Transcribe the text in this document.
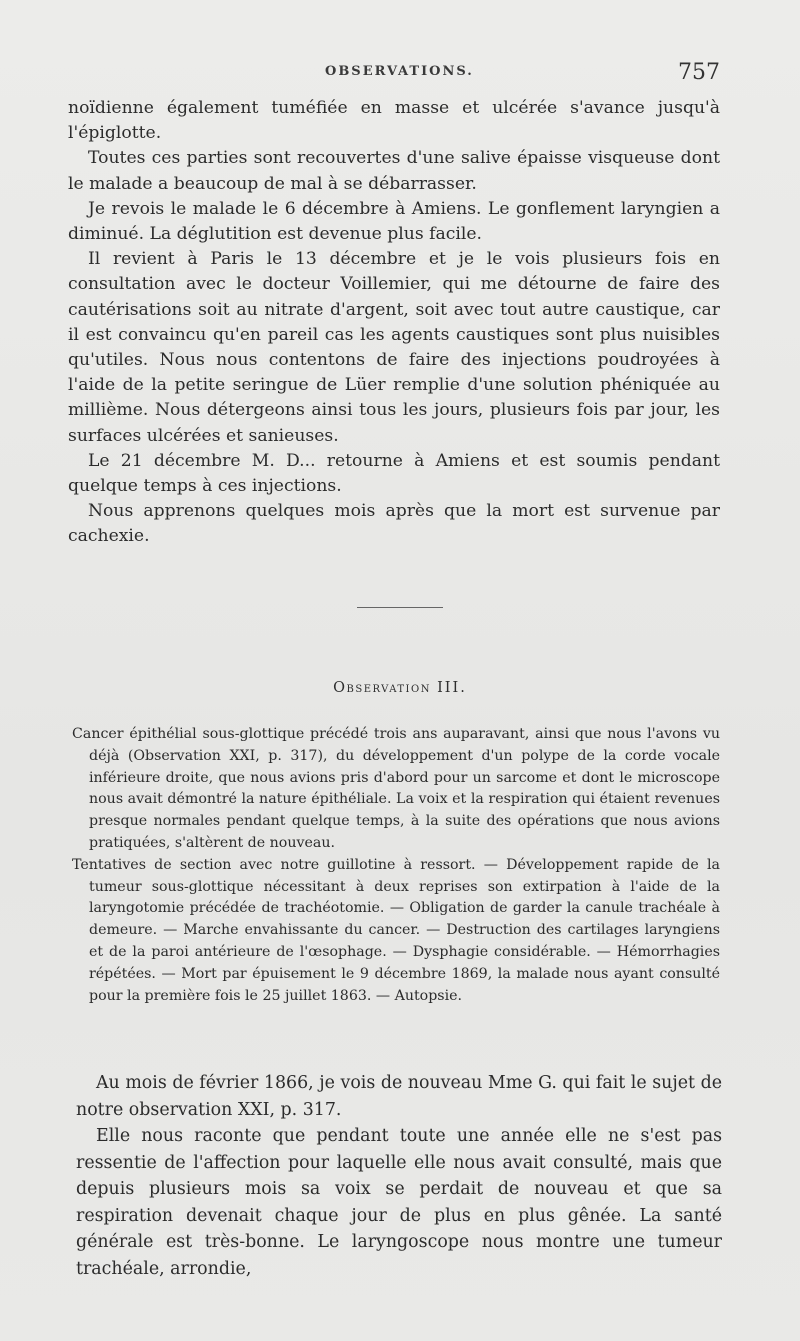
OBSERVATIONS.	757

noïdienne également tuméfiée en masse et ulcérée s'avance jusqu'à l'épiglotte.

Toutes ces parties sont recouvertes d'une salive épaisse visqueuse dont le malade a beaucoup de mal à se débarrasser.

Je revois le malade le 6 décembre à Amiens. Le gonflement laryngien a diminué. La déglutition est devenue plus facile.

Il revient à Paris le 13 décembre et je le vois plusieurs fois en consultation avec le docteur Voillemier, qui me détourne de faire des cautérisations soit au nitrate d'argent, soit avec tout autre caustique, car il est convaincu qu'en pareil cas les agents caustiques sont plus nuisibles qu'utiles. Nous nous contentons de faire des injections poudroyées à l'aide de la petite seringue de Lüer remplie d'une solution phéniquée au millième. Nous détergeons ainsi tous les jours, plusieurs fois par jour, les surfaces ulcérées et sanieuses.

Le 21 décembre M. D... retourne à Amiens et est soumis pendant quelque temps à ces injections.

Nous apprenons quelques mois après que la mort est survenue par cachexie.

Observation III.

Cancer épithélial sous-glottique précédé trois ans auparavant, ainsi que nous l'avons vu déjà (Observation XXI, p. 317), du développement d'un polype de la corde vocale inférieure droite, que nous avions pris d'abord pour un sarcome et dont le microscope nous avait démontré la nature épithéliale. La voix et la respiration qui étaient revenues presque normales pendant quelque temps, à la suite des opérations que nous avions pratiquées, s'altèrent de nouveau.

Tentatives de section avec notre guillotine à ressort. — Développement rapide de la tumeur sous-glottique nécessitant à deux reprises son extirpation à l'aide de la laryngotomie précédée de trachéotomie. — Obligation de garder la canule trachéale à demeure. — Marche envahissante du cancer. — Destruction des cartilages laryngiens et de la paroi antérieure de l'œsophage. — Dysphagie considérable. — Hémorrhagies répétées. — Mort par épuisement le 9 décembre 1869, la malade nous ayant consulté pour la première fois le 25 juillet 1863. — Autopsie.

Au mois de février 1866, je vois de nouveau Mme G. qui fait le sujet de notre observation XXI, p. 317.

Elle nous raconte que pendant toute une année elle ne s'est pas ressentie de l'affection pour laquelle elle nous avait consulté, mais que depuis plusieurs mois sa voix se perdait de nouveau et que sa respiration devenait chaque jour de plus en plus gênée. La santé générale est très-bonne. Le laryngoscope nous montre une tumeur trachéale, arrondie,
